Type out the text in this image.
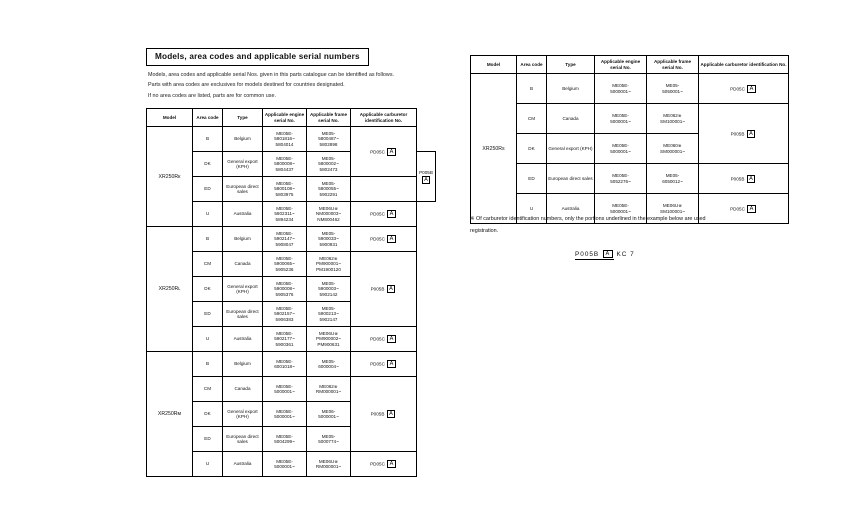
Models, area codes and applicable serial numbers

Models, area codes and applicable serial Nos. given in this parts catalogue can be identified as follows.

Parts with area codes are exclusives for models destined for countries designated.

If no area codes are listed, parts are for common use.

Model	Area code	Type	Applicable engine serial No.	Applicable frame serial No.	Applicable carburetor identification No.	
XR250Rк	B	Belgium	ME05E-
5801816~
5804014	ME05-
5800487~
5802898	PD05C A	
	DK	General export (KPH)	ME05E-
5800008~
5804437	ME05-
5800002~
5802473		P005B A
	ED	European direct sales	ME05E-
5800108~
5803975	ME05-
5800055~
5902291		
	U	Australia	ME05E-
5802311~
5894234	ME06U※
NM000003~
NM800462	PD05C A	
XR250Rʟ	B	Belgium	ME05E-
5902147~
5908047	ME05-
5900033~
5900931	PD05C A	
	CM	Canada	ME05E-
5900065~
5905236	ME062※
PM900001~
PM1900120	P005B A	
	DK	General export (KPH)	ME05E-
5900008~
5905376	ME05-
5900003~
5902142		
	ED	European direct sales	ME05E-
5902157~
5906383	ME05-
5900213~
5902147		
	U	Australia	ME05E-
5902177~
5900361	ME06U※
PM900002~
PM900631	PD05C A	
XR250Rм	B	Belgium	ME05E-
6001018~	ME05-
6000004~	PD05C A	
	CM	Canada	ME05E-
5000001~	ME062※
RM000001~	P005B A	
	DK	General export (KPH)	ME05E-
5000001~	ME06-
5000001~		
	ED	European direct sales	ME05E-
5004299~	ME05-
5000774~		
	U	Australia	ME05E-
5000001~	ME06U※
RM000001~	PD05C A	
Model	Area code	Type	Applicable engine serial No.	Applicable frame serial No.	Applicable carburetor identification No.
XR250Rs	B	Belgium	ME05E-
5000001~	ME05-
5050001~	PD05C A
	CM	Canada	ME05E-
5000001~	ME062※
SM100001~	P005B A
	DK	General export (KPH)	ME05E-
5000001~	ME060※
SM000001~	
	ED	European direct sales	ME05E-
5052276~	ME05-
6050012~	P005B A
	U	Australia	ME05E-
5000001~	ME06U※
SM100001~	PD05C A
※ Of carburetor identification numbers, only the portions underlined in the example below are used
registration.
P005B A KC 7
